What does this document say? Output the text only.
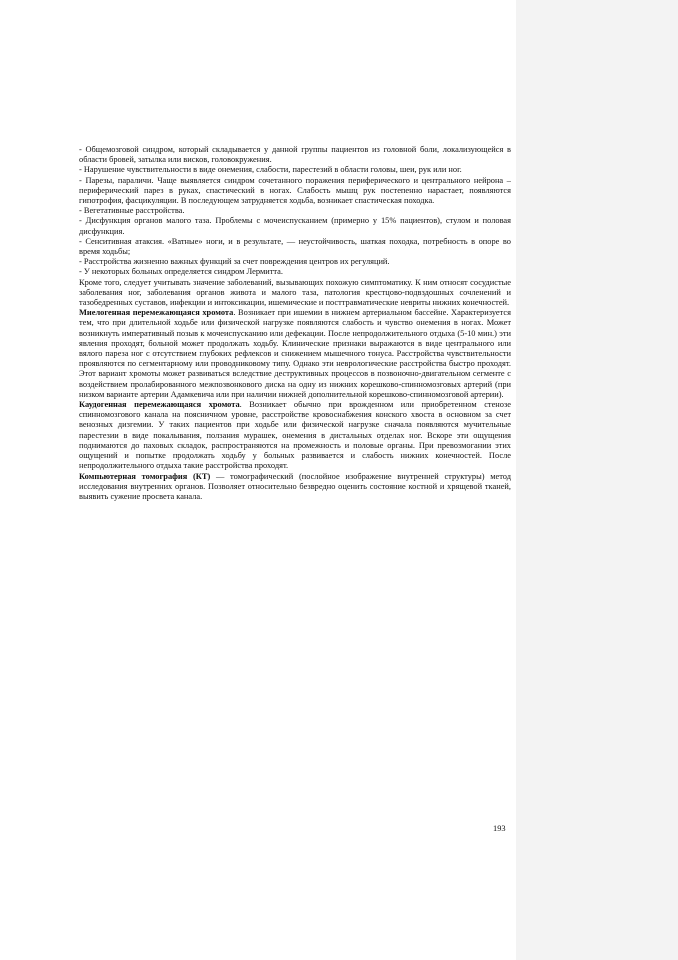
- Общемозговой синдром, который складывается у данной группы пациентов из головной боли, локализующейся в области бровей, затылка или висков, головокружения.

- Нарушение чувствительности в виде онемения, слабости, парестезий в области головы, шеи, рук или ног.

- Парезы, параличи. Чаще выявляется синдром сочетанного поражения периферического и центрального нейрона – периферический парез в руках, спастический в ногах. Слабость мышц рук постепенно нарастает, появляются гипотрофия, фасцикуляции. В последующем затрудняется ходьба, возникает спастическая походка.

- Вегетативные расстройства.

- Дисфункция органов малого таза. Проблемы с мочеиспусканием (примерно у 15% пациентов), стулом и половая дисфункция.

- Сенситивная атаксия. «Ватные» ноги, и в результате, — неустойчивость, шаткая походка, потребность в опоре во время ходьбы;

- Расстройства жизненно важных функций за счет повреждения центров их регуляций.

- У некоторых больных определяется синдром Лермитта.

Кроме того, следует учитывать значение заболеваний, вызывающих похожую симптоматику. К ним относят сосудистые заболевания ног, заболевания органов живота и малого таза, патология крестцово-подвздошных сочленений и тазобедренных суставов, инфекции и интоксикации, ишемические и посттравматические невриты нижних конечностей.

Миелогенная перемежающаяся хромота. Возникает при ишемии в нижнем артериальном бассейне. Характеризуется тем, что при длительной ходьбе или физической нагрузке появляются слабость и чувство онемения в ногах. Может возникнуть императивный позыв к мочеиспусканию или дефекации. После непродолжительного отдыха (5-10 мин.) эти явления проходят, больной может продолжать ходьбу. Клинические признаки выражаются в виде центрального или вялого пареза ног с отсутствием глубоких рефлексов и снижением мышечного тонуса. Расстройства чувствительности проявляются по сегментарному или проводниковому типу. Однако эти неврологические расстройства быстро проходят. Этот вариант хромоты может развиваться вследствие деструктивных процессов в позвоночно-двигательном сегменте с воздействием пролабированного межпозвонкового диска на одну из нижних корешково-спинномозговых артерий (при низком варианте артерии Адамкевича или при наличии нижней дополнительной корешково-спинномозговой артерии).

Каудогенная перемежающаяся хромота. Возникает обычно при врожденном или приобретенном стенозе спинномозгового канала на поясничном уровне, расстройстве кровоснабжения конского хвоста в основном за счет венозных дизгемии. У таких пациентов при ходьбе или физической нагрузке сначала появляются мучительные парестезии в виде покалывания, ползания мурашек, онемения в дистальных отделах ног. Вскоре эти ощущения поднимаются до паховых складок, распространяются на промежность и половые органы. При превозмогании этих ощущений и попытке продолжать ходьбу у больных развивается и слабость нижних конечностей. После непродолжительного отдыха такие расстройства проходят.

Компьютерная томография (КТ) — томографический (послойное изображение внутренней структуры) метод исследования внутренних органов. Позволяет относительно безвредно оценить состояние костной и хрящевой тканей, выявить сужение просвета канала.

193
